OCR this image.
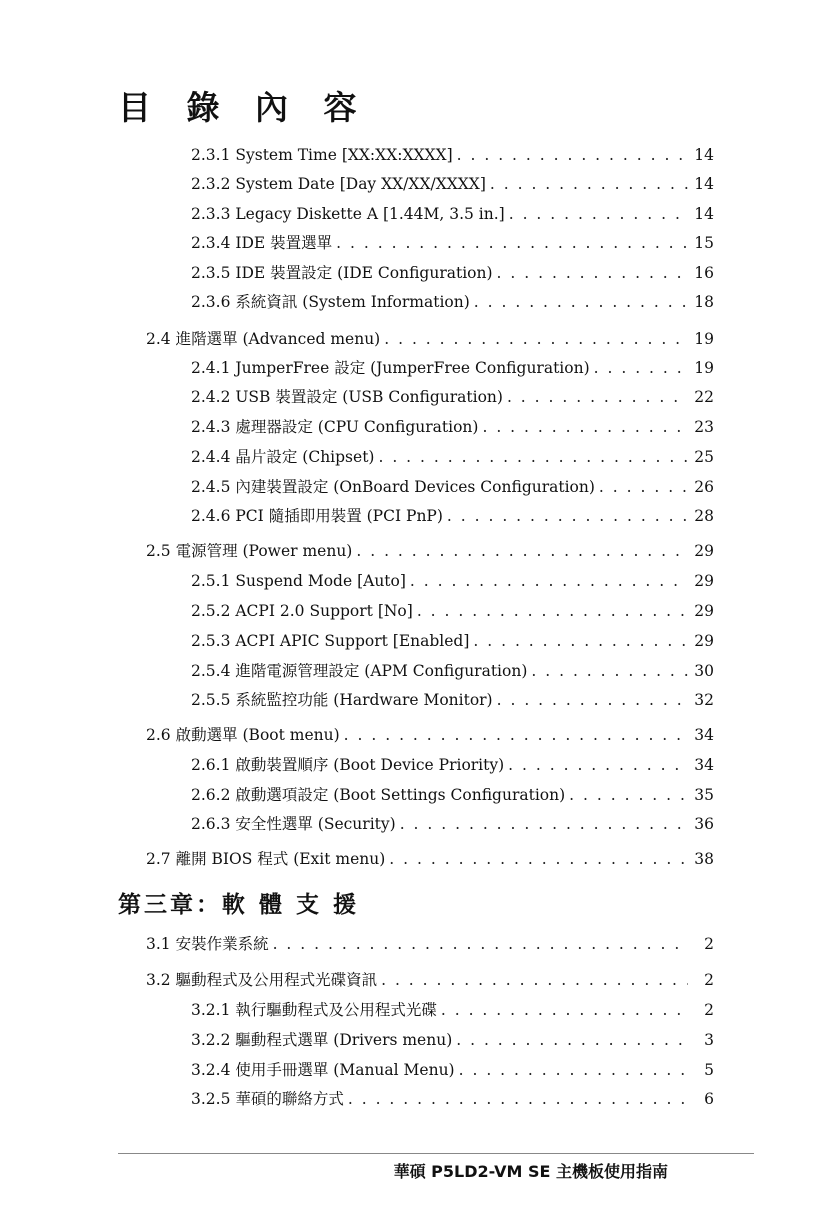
目 錄 內 容
2.3.1 System Time [XX:XX:XXXX] . . .	14
2.3.2 System Date [Day XX/XX/XXXX] . . .	14
2.3.3 Legacy Diskette A [1.44M, 3.5 in.] . . .	14
2.3.4 IDE 裝置選單 . . .	15
2.3.5 IDE 裝置設定 (IDE Configuration) . . .	16
2.3.6 系統資訊 (System Information) . . .	18
2.4 進階選單 (Advanced menu) . . .	19
2.4.1 JumperFree 設定 (JumperFree Configuration) . . .	19
2.4.2 USB 裝置設定 (USB Configuration) . . .	22
2.4.3 處理器設定 (CPU Configuration) . . .	23
2.4.4 晶片設定 (Chipset) . . .	25
2.4.5 內建裝置設定 (OnBoard Devices Configuration) . . .	26
2.4.6 PCI 隨插即用裝置 (PCI PnP) . . .	28
2.5 電源管理 (Power menu) . . .	29
2.5.1 Suspend Mode [Auto] . . .	29
2.5.2 ACPI 2.0 Support [No] . . .	29
2.5.3 ACPI APIC Support [Enabled] . . .	29
2.5.4 進階電源管理設定 (APM Configuration) . . .	30
2.5.5 系統監控功能 (Hardware Monitor) . . .	32
2.6 啟動選單 (Boot menu) . . .	34
2.6.1 啟動裝置順序 (Boot Device Priority) . . .	34
2.6.2 啟動選項設定 (Boot Settings Configuration) . . .	35
2.6.3 安全性選單 (Security) . . .	36
2.7 離開 BIOS 程式 (Exit menu) . . .	38
第三章：軟 體 支 援
3.1 安裝作業系統 . . .	2
3.2 驅動程式及公用程式光碟資訊 . . .	2
3.2.1 執行驅動程式及公用程式光碟 . . .	2
3.2.2 驅動程式選單 (Drivers menu) . . .	3
3.2.4 使用手冊選單 (Manual Menu) . . .	5
3.2.5 華碩的聯絡方式 . . .	6
華碩 P5LD2-VM SE 主機板使用指南
